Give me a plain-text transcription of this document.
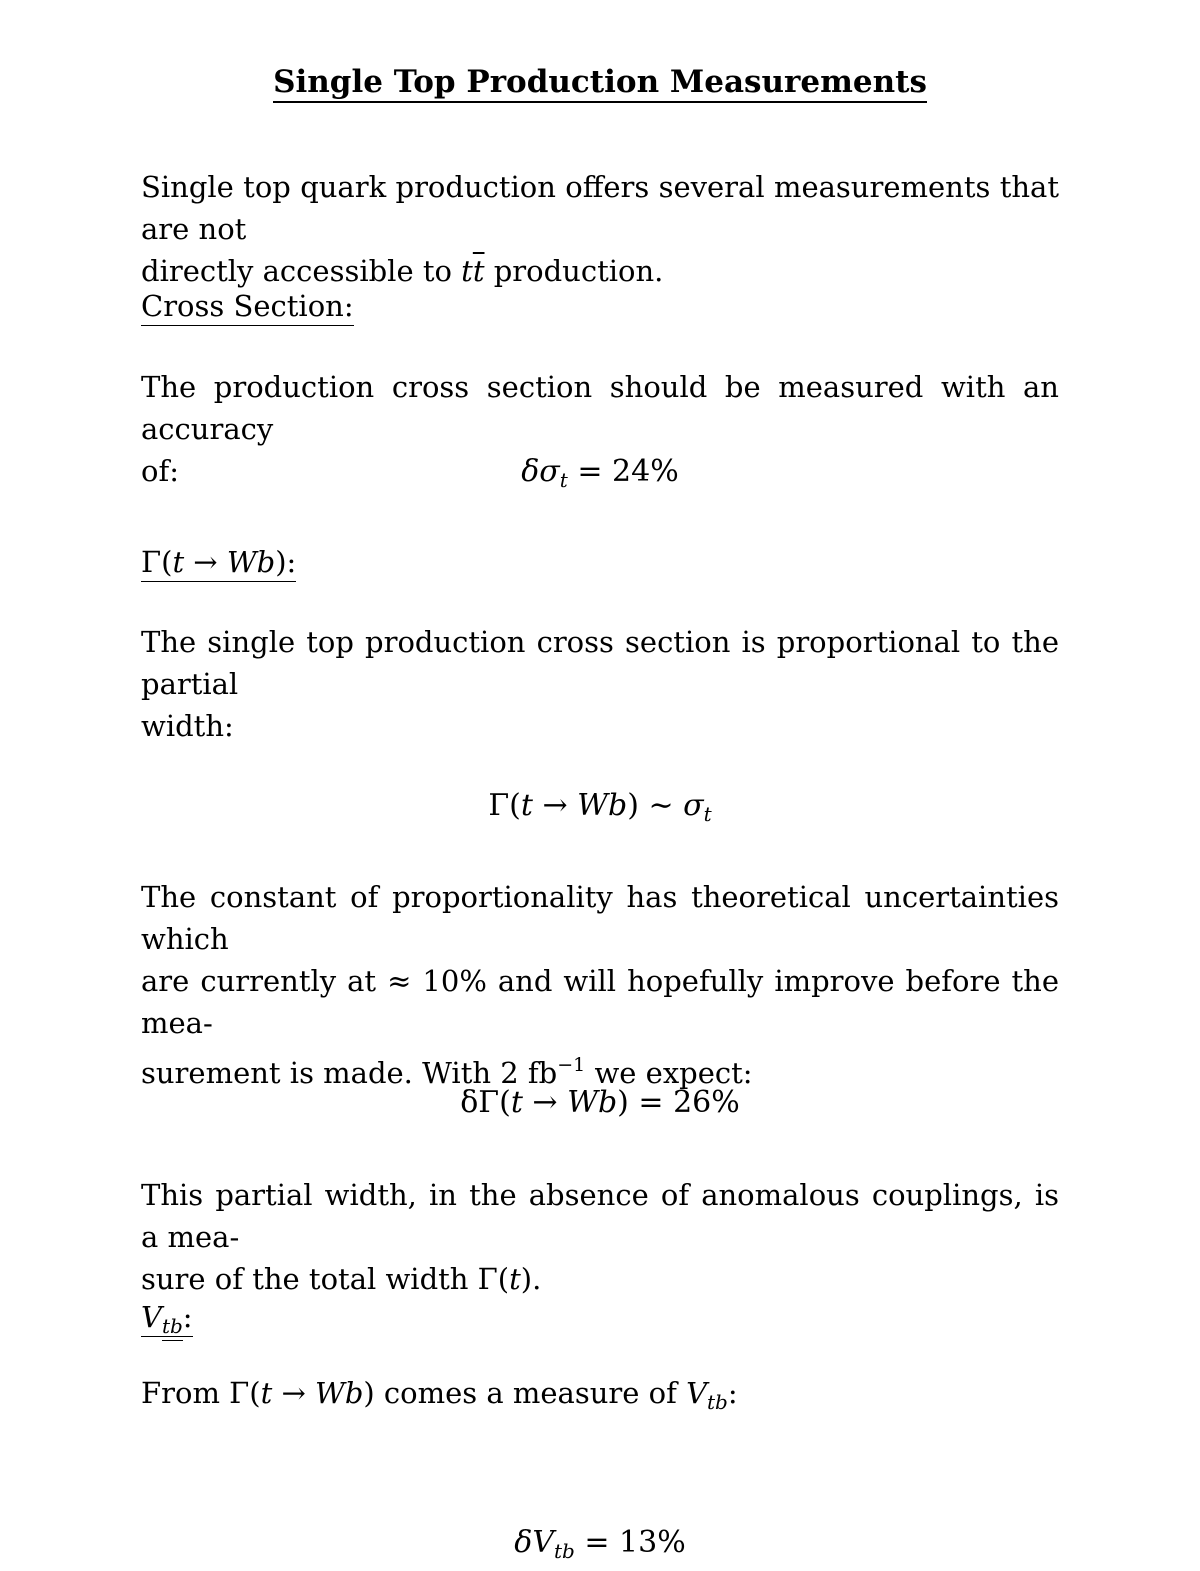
Single Top Production Measurements

Single top quark production offers several measurements that are not
directly accessible to $t\overline{t}$ production.

Cross Section:

The production cross section should be measured with an accuracy
of:	$\delta\sigma_t = 24\%$

Γ(t → Wb):

The single top production cross section is proportional to the partial
width:

Γ(t → Wb) ∼ $\sigma_t$

The constant of proportionality has theoretical uncertainties which
are currently at ≈ 10% and will hopefully improve before the mea-
surement is made. With 2 $fb^{-1}$ we expect:

δΓ(t → Wb) = 26%

This partial width, in the absence of anomalous couplings, is a mea-
sure of the total width Γ(t).

$V_{tb}$:

From Γ(t → Wb) comes a measure of $V_{tb}$:

$\delta V_{tb} = 13\%$
